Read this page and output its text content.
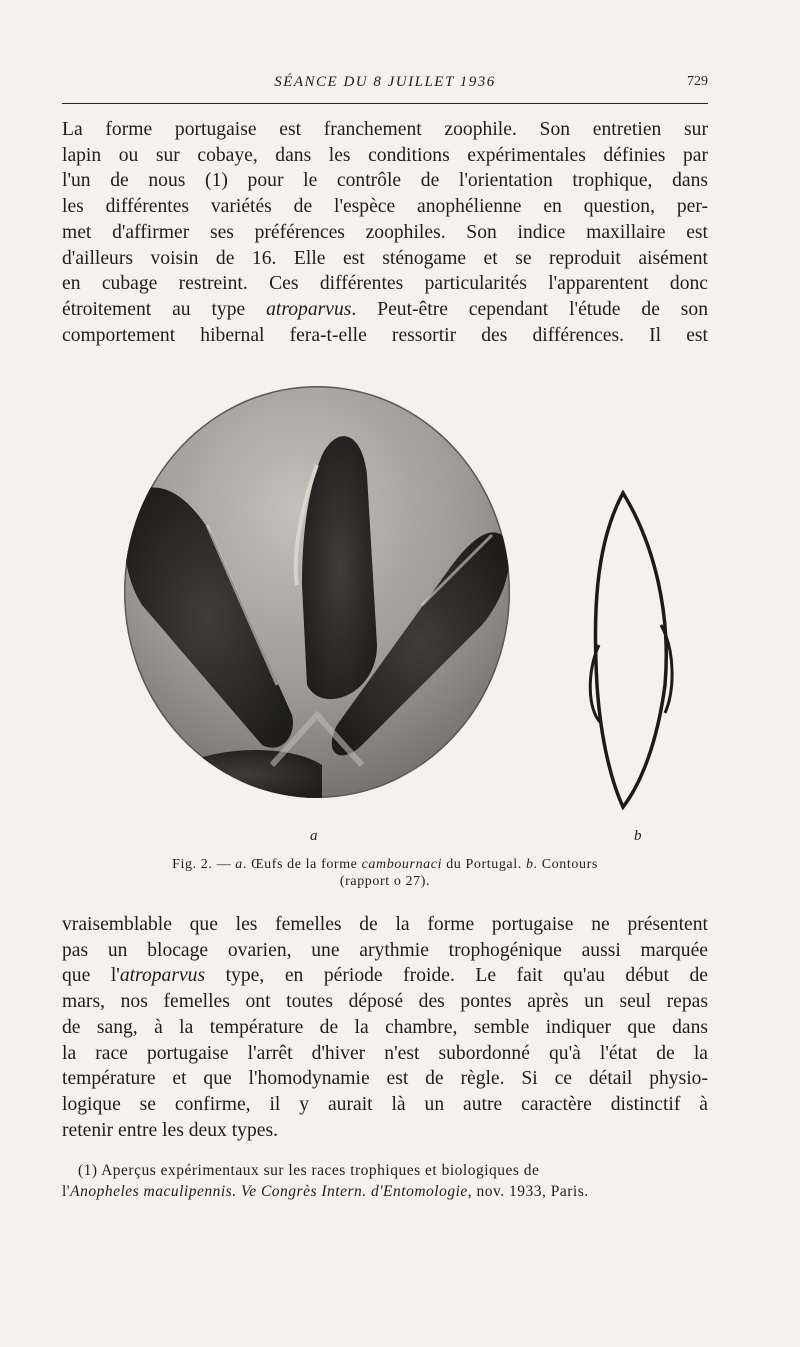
SÉANCE DU 8 JUILLET 1936	729
La forme portugaise est franchement zoophile. Son entretien sur
lapin ou sur cobaye, dans les conditions expérimentales définies par
l'un de nous (1) pour le contrôle de l'orientation trophique, dans
les différentes variétés de l'espèce anophélienne en question, per-
met d'affirmer ses préférences zoophiles. Son indice maxillaire est
d'ailleurs voisin de 16. Elle est sténogame et se reproduit aisément
en cubage restreint. Ces différentes particularités l'apparentent donc
étroitement au type atroparvus. Peut-être cependant l'étude de son
comportement hibernal fera-t-elle ressortir des différences. Il est
a	b
Fig. 2. — a. Œufs de la forme cambournaci du Portugal. b. Contours
(rapport o 27).
vraisemblable que les femelles de la forme portugaise ne présentent
pas un blocage ovarien, une arythmie trophogénique aussi marquée
que l'atroparvus type, en période froide. Le fait qu'au début de
mars, nos femelles ont toutes déposé des pontes après un seul repas
de sang, à la température de la chambre, semble indiquer que dans
la race portugaise l'arrêt d'hiver n'est subordonné qu'à l'état de la
température et que l'homodynamie est de règle. Si ce détail physio-
logique se confirme, il y aurait là un autre caractère distinctif à
retenir entre les deux types.
(1) Aperçus expérimentaux sur les races trophiques et biologiques de
l'Anopheles maculipennis. Ve Congrès Intern. d'Entomologie, nov. 1933, Paris.
